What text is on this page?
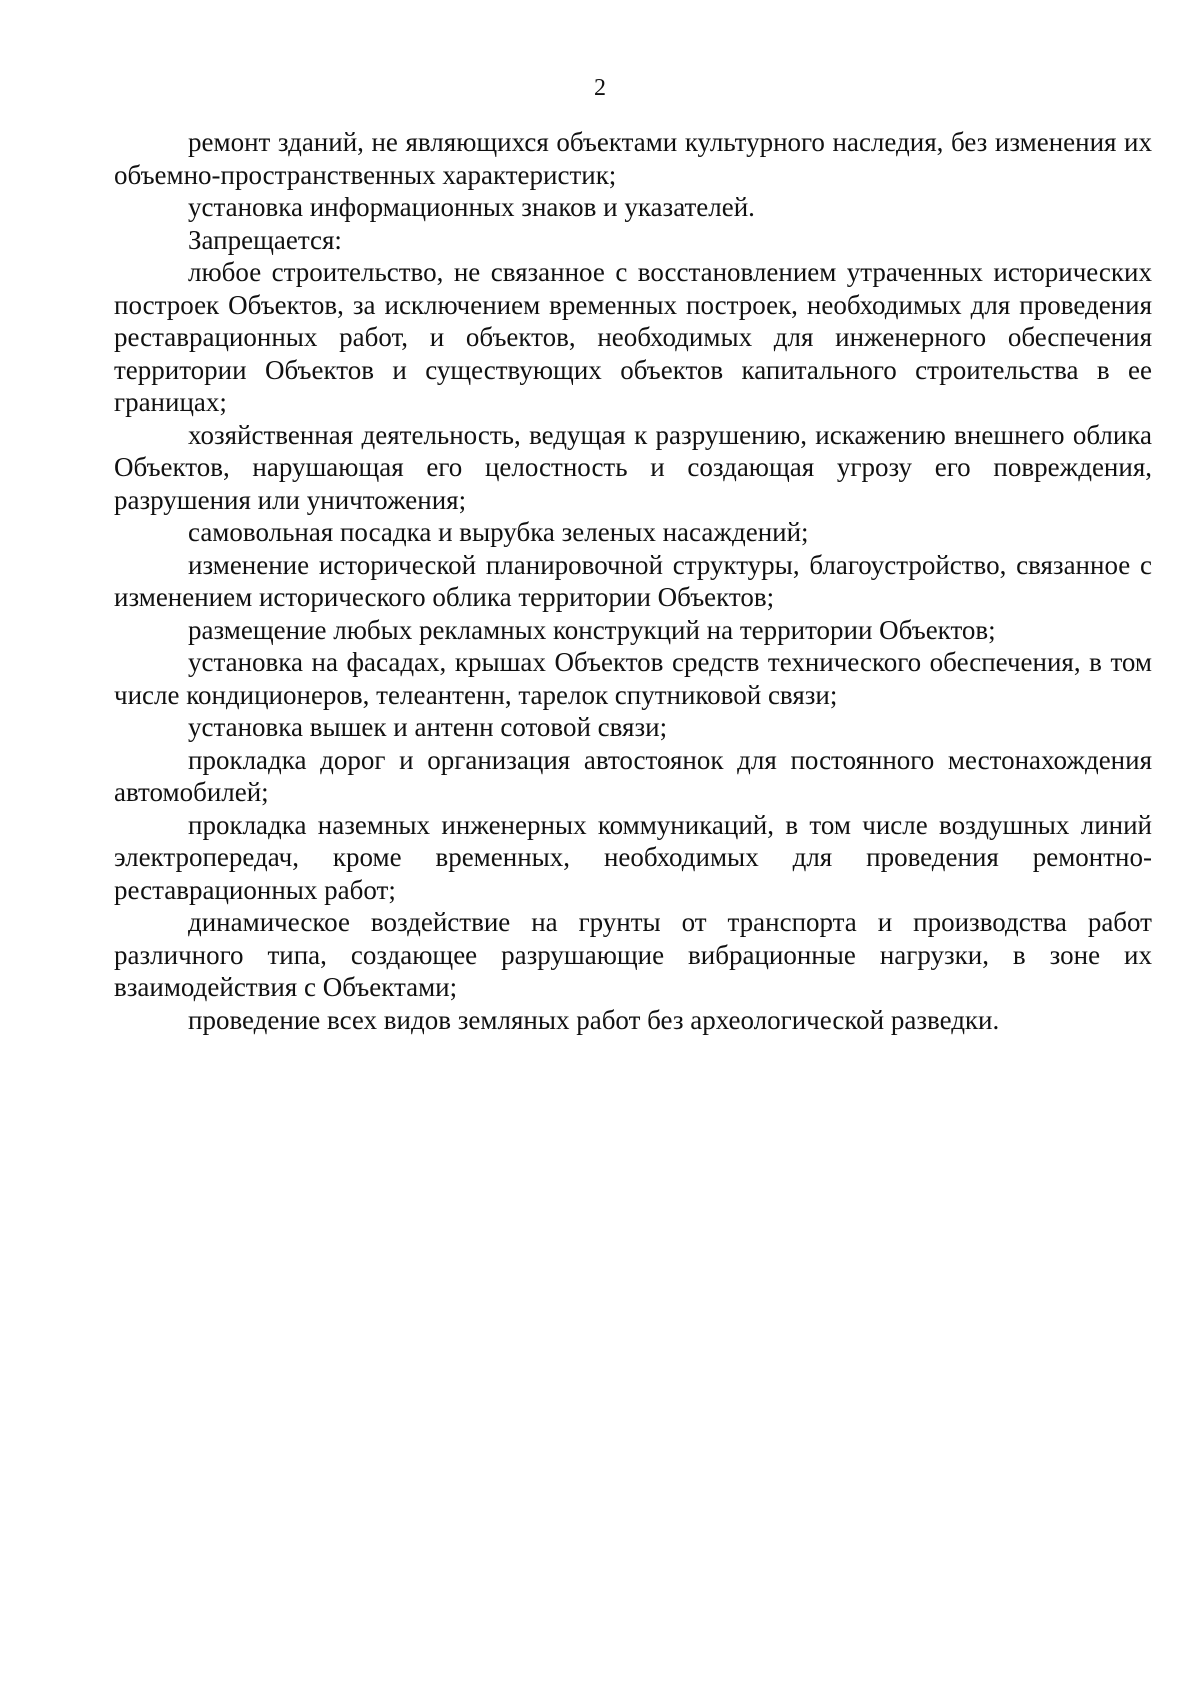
2

ремонт зданий, не являющихся объектами культурного наследия, без изменения их объемно-пространственных характеристик;

установка информационных знаков и указателей.

Запрещается:

любое строительство, не связанное с восстановлением утраченных исторических построек Объектов, за исключением временных построек, необходимых для проведения реставрационных работ, и объектов, необходимых для инженерного обеспечения территории Объектов и существующих объектов капитального строительства в ее границах;

хозяйственная деятельность, ведущая к разрушению, искажению внешнего облика Объектов, нарушающая его целостность и создающая угрозу его повреждения, разрушения или уничтожения;

самовольная посадка и вырубка зеленых насаждений;

изменение исторической планировочной структуры, благоустройство, связанное с изменением исторического облика территории Объектов;

размещение любых рекламных конструкций на территории Объектов;

установка на фасадах, крышах Объектов средств технического обеспечения, в том числе кондиционеров, телеантенн, тарелок спутниковой связи;

установка вышек и антенн сотовой связи;

прокладка дорог и организация автостоянок для постоянного местонахождения автомобилей;

прокладка наземных инженерных коммуникаций, в том числе воздушных линий электропередач, кроме временных, необходимых для проведения ремонтно-реставрационных работ;

динамическое воздействие на грунты от транспорта и производства работ различного типа, создающее разрушающие вибрационные нагрузки, в зоне их взаимодействия с Объектами;

проведение всех видов земляных работ без археологической разведки.
